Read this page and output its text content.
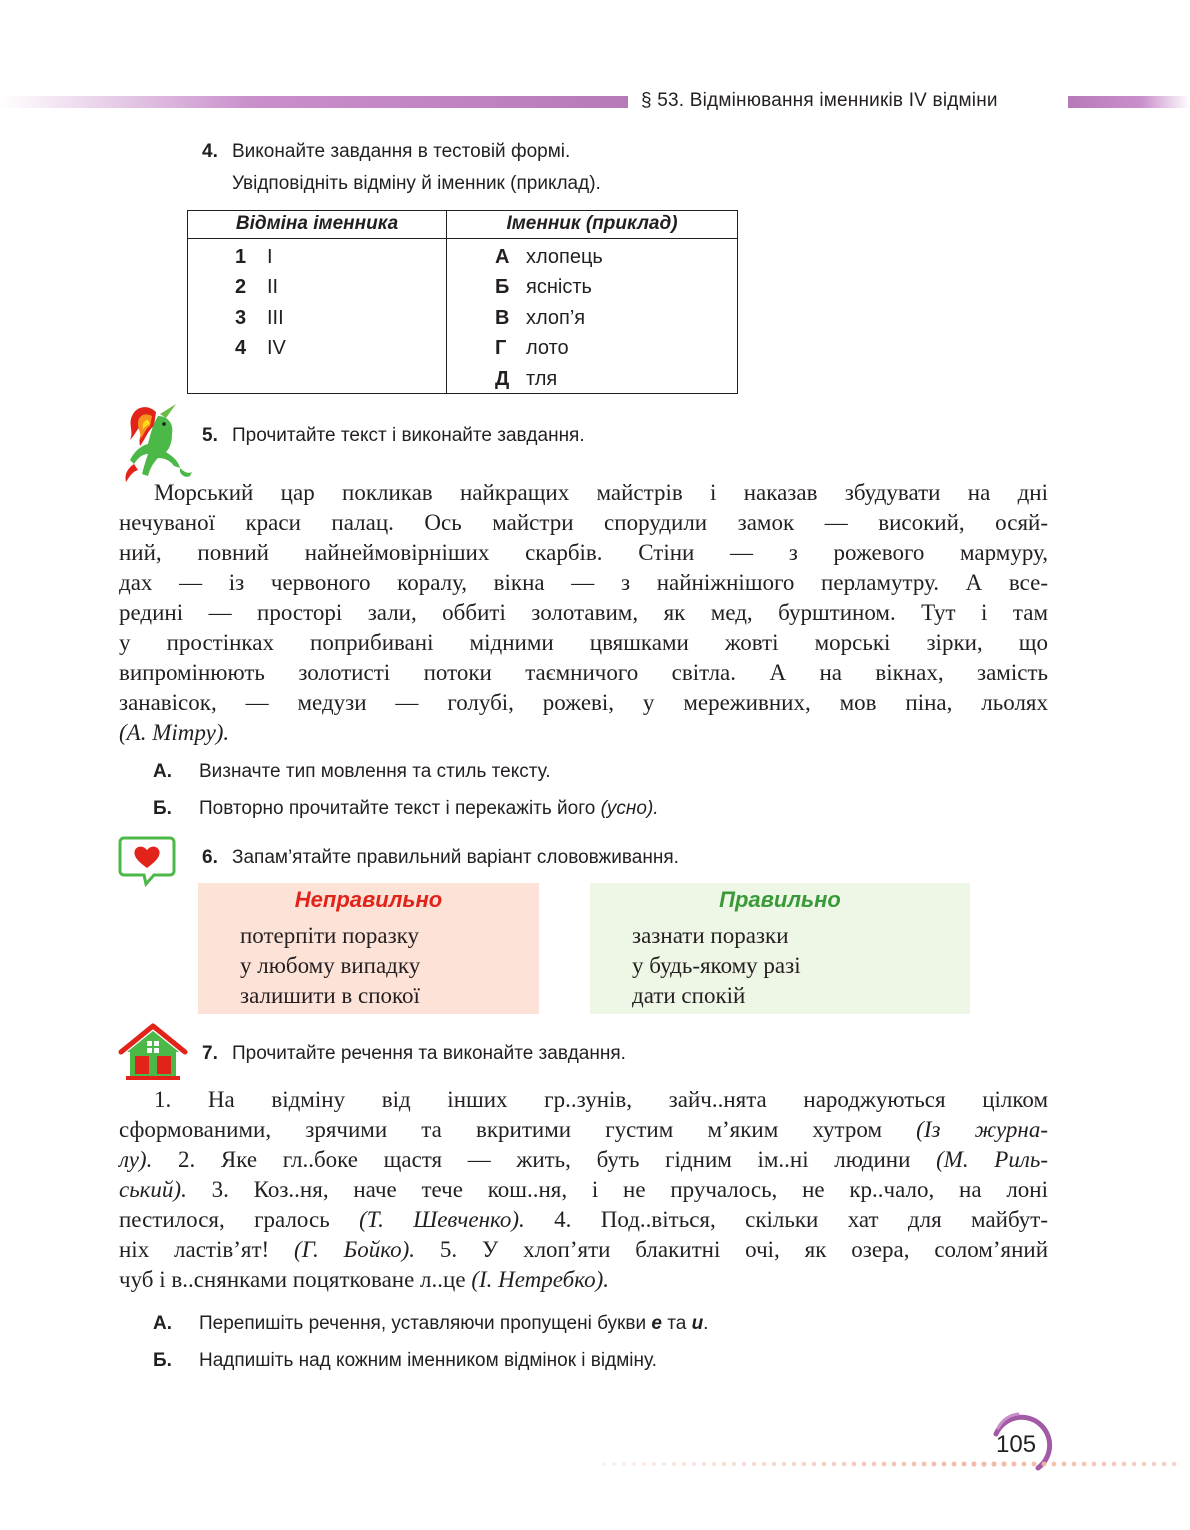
§ 53. Відмінювання іменників IV відміни
4. Виконайте завдання в тестовій формі.
Увідповідніть відміну й іменник (приклад).
Відміна іменника	Іменник (приклад)
1 I
2 II
3 III
4 IV
А хлопець
Б ясність
В хлоп’я
Г лото
Д тля
5. Прочитайте текст і виконайте завдання.
Морський цар покликав найкращих майстрів і наказав збудувати на дні
нечуваної краси палац. Ось майстри спорудили замок — високий, осяй-
ний, повний найнеймовірніших скарбів. Стіни — з рожевого мармуру,
дах — із червоного коралу, вікна — з найніжнішого перламутру. А все-
редині — просторі зали, оббиті золотавим, як мед, бурштином. Тут і там
у простінках поприбивані мідними цвяшками жовті морські зірки, що
випромінюють золотисті потоки таємничого світла. А на вікнах, замість
занавісок, — медузи — голубі, рожеві, у мереживних, мов піна, льолях
(А. Мітру).
А. Визначте тип мовлення та стиль тексту.
Б. Повторно прочитайте текст і перекажіть його (усно).
6. Запам’ятайте правильний варіант слововживання.
Неправильно	Правильно
потерпіти поразку
у любому випадку
залишити в спокої
зазнати поразки
у будь-якому разі
дати спокій
7. Прочитайте речення та виконайте завдання.
1. На відміну від інших гр..зунів, зайч..нята народжуються цілком
сформованими, зрячими та вкритими густим м’яким хутром (Із журна-
лу). 2. Яке гл..боке щастя — жить, буть гідним ім..ні людини (М. Риль-
ський). 3. Коз..ня, наче тече кош..ня, і не пручалось, не кр..чало, на лоні
пестилося, гралось (Т. Шевченко). 4. Под..віться, скільки хат для майбут-
ніх ластів’ят! (Г. Бойко). 5. У хлоп’яти блакитні очі, як озера, солом’яний
чуб і в..снянками поцятковане л..це (І. Нетребко).
А. Перепишіть речення, уставляючи пропущені букви е та и.
Б. Надпишіть над кожним іменником відмінок і відміну.
105
